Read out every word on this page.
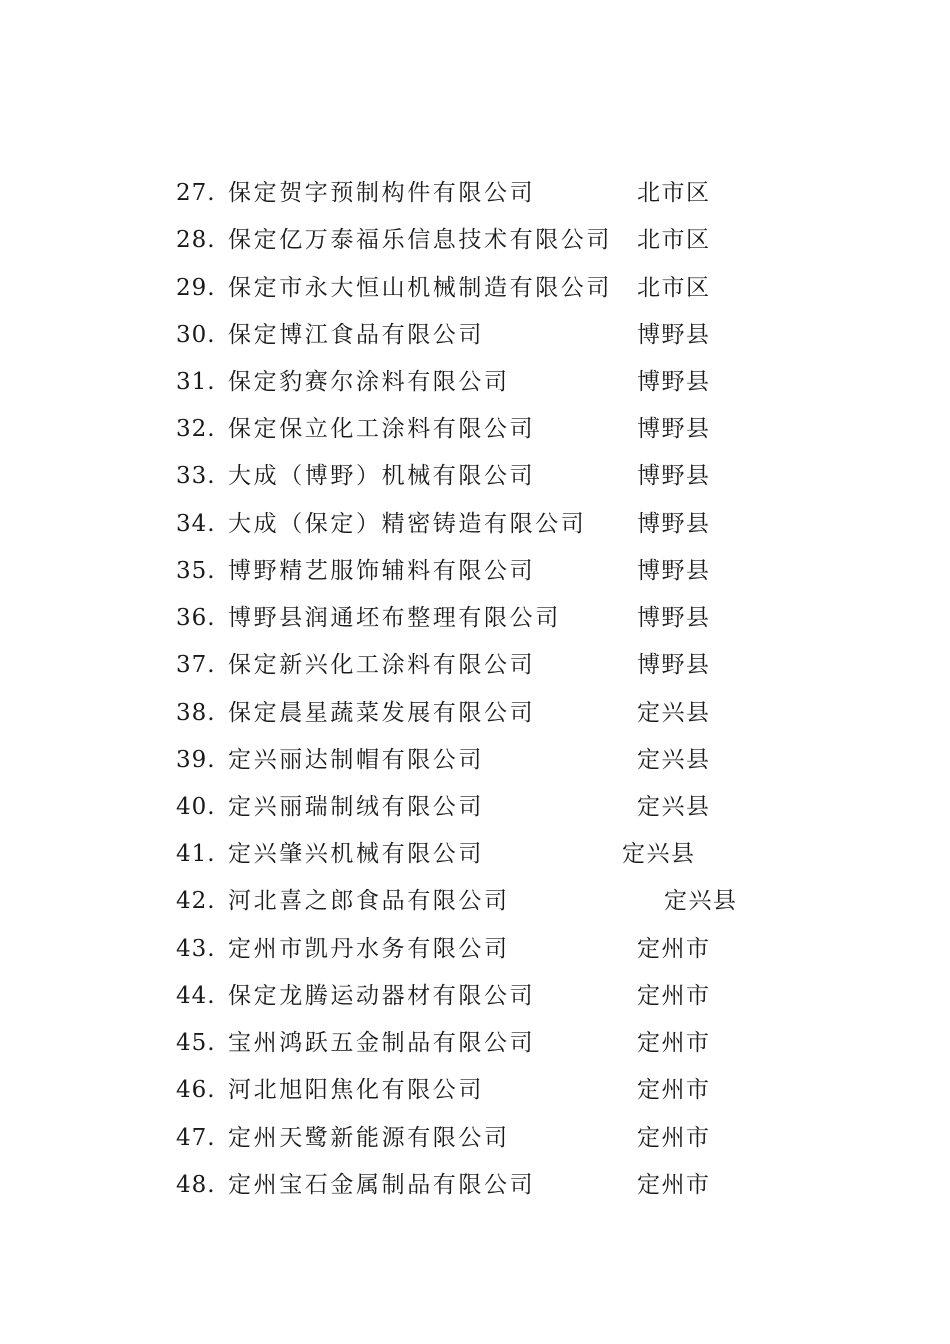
27. 保定贺字预制构件有限公司	北市区
28. 保定亿万泰福乐信息技术有限公司 北市区
29. 保定市永大恒山机械制造有限公司 北市区
30. 保定博江食品有限公司	博野县
31. 保定豹赛尔涂料有限公司	博野县
32. 保定保立化工涂料有限公司	博野县
33. 大成（博野）机械有限公司	博野县
34. 大成（保定）精密铸造有限公司 博野县
35. 博野精艺服饰辅料有限公司	博野县
36. 博野县润通坯布整理有限公司	博野县
37. 保定新兴化工涂料有限公司	博野县
38. 保定晨星蔬菜发展有限公司	定兴县
39. 定兴丽达制帽有限公司	定兴县
40. 定兴丽瑞制绒有限公司	定兴县
41. 定兴肇兴机械有限公司	定兴县
42. 河北喜之郎食品有限公司	定兴县
43. 定州市凯丹水务有限公司	定州市
44. 保定龙腾运动器材有限公司	定州市
45. 宝州鸿跃五金制品有限公司	定州市
46. 河北旭阳焦化有限公司	定州市
47. 定州天鹭新能源有限公司	定州市
48. 定州宝石金属制品有限公司	定州市
